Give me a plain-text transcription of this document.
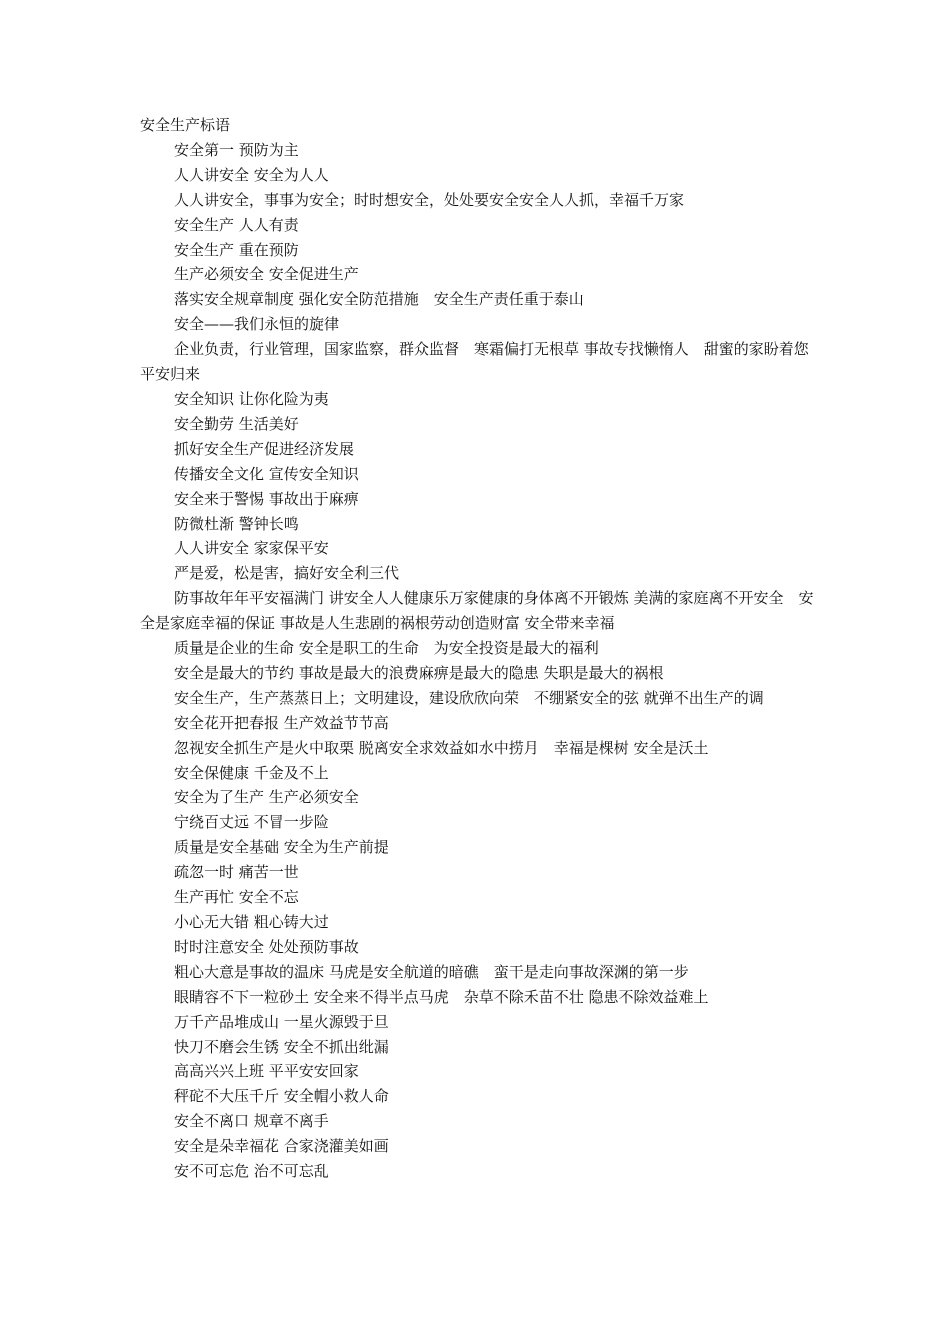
安全生产标语

安全第一 预防为主

人人讲安全 安全为人人

人人讲安全，事事为安全；时时想安全，处处要安全安全人人抓，幸福千万家

安全生产 人人有责

安全生产 重在预防

生产必须安全 安全促进生产

落实安全规章制度 强化安全防范措施　安全生产责任重于泰山

安全——我们永恒的旋律

企业负责，行业管理，国家监察，群众监督　寒霜偏打无根草 事故专找懒惰人　甜蜜的家盼着您平安归来

安全知识 让你化险为夷

安全勤劳 生活美好

抓好安全生产促进经济发展

传播安全文化 宣传安全知识

安全来于警惕 事故出于麻痹

防微杜渐 警钟长鸣

人人讲安全 家家保平安

严是爱，松是害，搞好安全利三代

防事故年年平安福满门 讲安全人人健康乐万家健康的身体离不开锻炼 美满的家庭离不开安全　安全是家庭幸福的保证 事故是人生悲剧的祸根劳动创造财富 安全带来幸福

质量是企业的生命 安全是职工的生命　为安全投资是最大的福利

安全是最大的节约 事故是最大的浪费麻痹是最大的隐患 失职是最大的祸根

安全生产，生产蒸蒸日上；文明建设，建设欣欣向荣　不绷紧安全的弦 就弹不出生产的调

安全花开把春报 生产效益节节高

忽视安全抓生产是火中取栗 脱离安全求效益如水中捞月　幸福是棵树 安全是沃土

安全保健康 千金及不上

安全为了生产 生产必须安全

宁绕百丈远 不冒一步险

质量是安全基础 安全为生产前提

疏忽一时 痛苦一世

生产再忙 安全不忘

小心无大错 粗心铸大过

时时注意安全 处处预防事故

粗心大意是事故的温床 马虎是安全航道的暗礁　蛮干是走向事故深渊的第一步

眼睛容不下一粒砂土 安全来不得半点马虎　杂草不除禾苗不壮 隐患不除效益难上

万千产品堆成山 一星火源毁于旦

快刀不磨会生锈 安全不抓出纰漏

高高兴兴上班 平平安安回家

秤砣不大压千斤 安全帽小救人命

安全不离口 规章不离手

安全是朵幸福花 合家浇灌美如画

安不可忘危 治不可忘乱
